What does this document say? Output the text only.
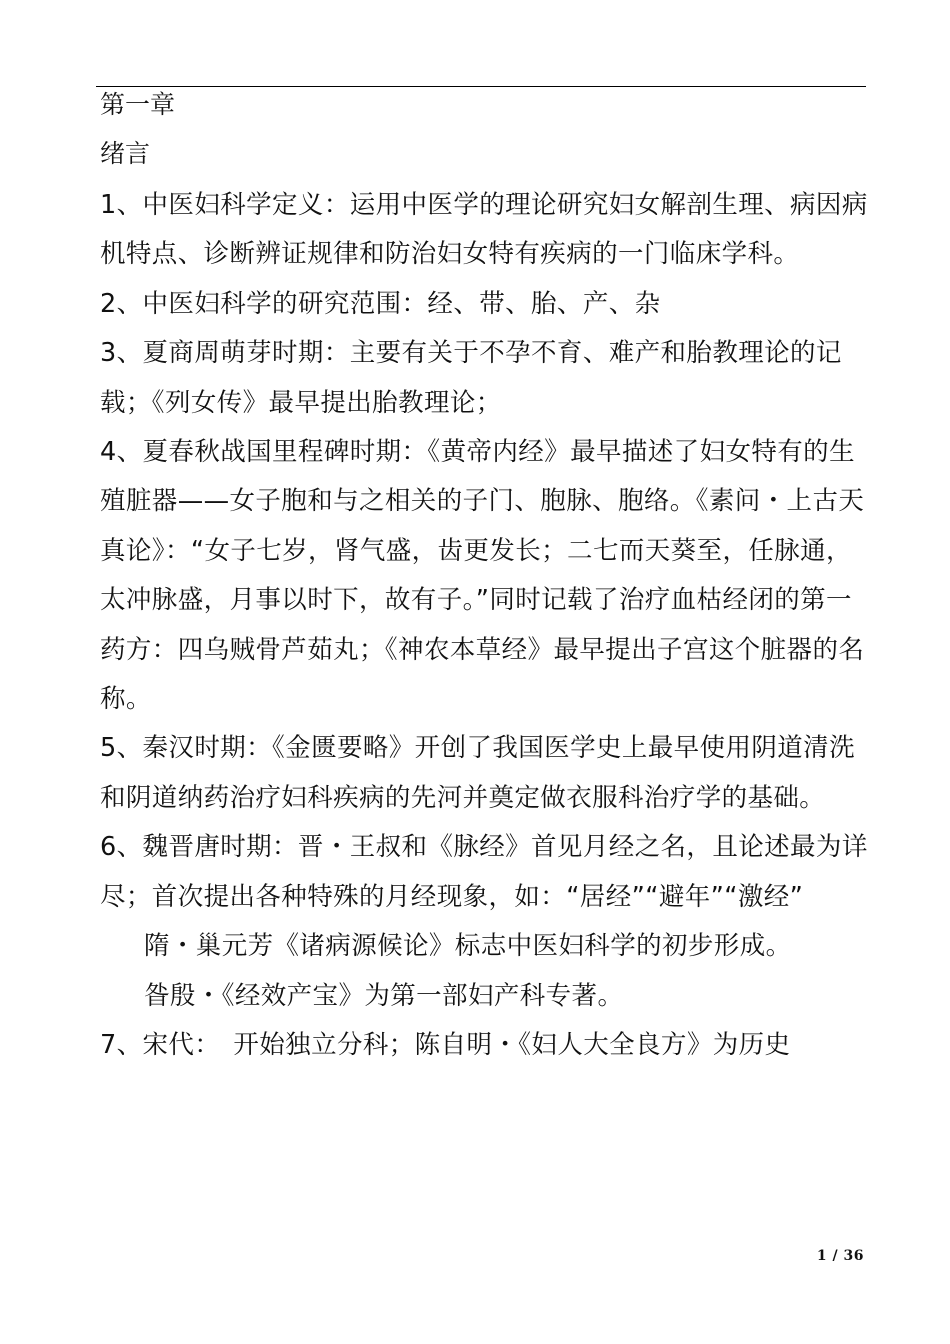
第一章
绪言

1、中医妇科学定义：运用中医学的理论研究妇女解剖生理、病因病机特点、诊断辨证规律和防治妇女特有疾病的一门临床学科。

2、中医妇科学的研究范围：经、带、胎、产、杂

3、夏商周萌芽时期：主要有关于不孕不育、难产和胎教理论的记载；《列女传》最早提出胎教理论；

4、夏春秋战国里程碑时期：《黄帝内经》最早描述了妇女特有的生殖脏器——女子胞和与之相关的子门、胞脉、胞络。《素问・上古天真论》：“女子七岁，肾气盛，齿更发长；二七而天葵至，任脉通，太冲脉盛，月事以时下，故有子。”同时记载了治疗血枯经闭的第一药方：四乌贼骨芦茹丸；《神农本草经》最早提出子宫这个脏器的名称。

5、秦汉时期：《金匮要略》开创了我国医学史上最早使用阴道清洗和阴道纳药治疗妇科疾病的先河并奠定做衣服科治疗学的基础。

6、魏晋唐时期：晋・王叔和《脉经》首见月经之名，且论述最为详尽；首次提出各种特殊的月经现象，如：“居经”“避年”“激经”

隋・巢元芳《诸病源候论》标志中医妇科学的初步形成。

昝殷・《经效产宝》为第一部妇产科专著。

7、宋代：　开始独立分科；陈自明・《妇人大全良方》为历史

1 / 36
